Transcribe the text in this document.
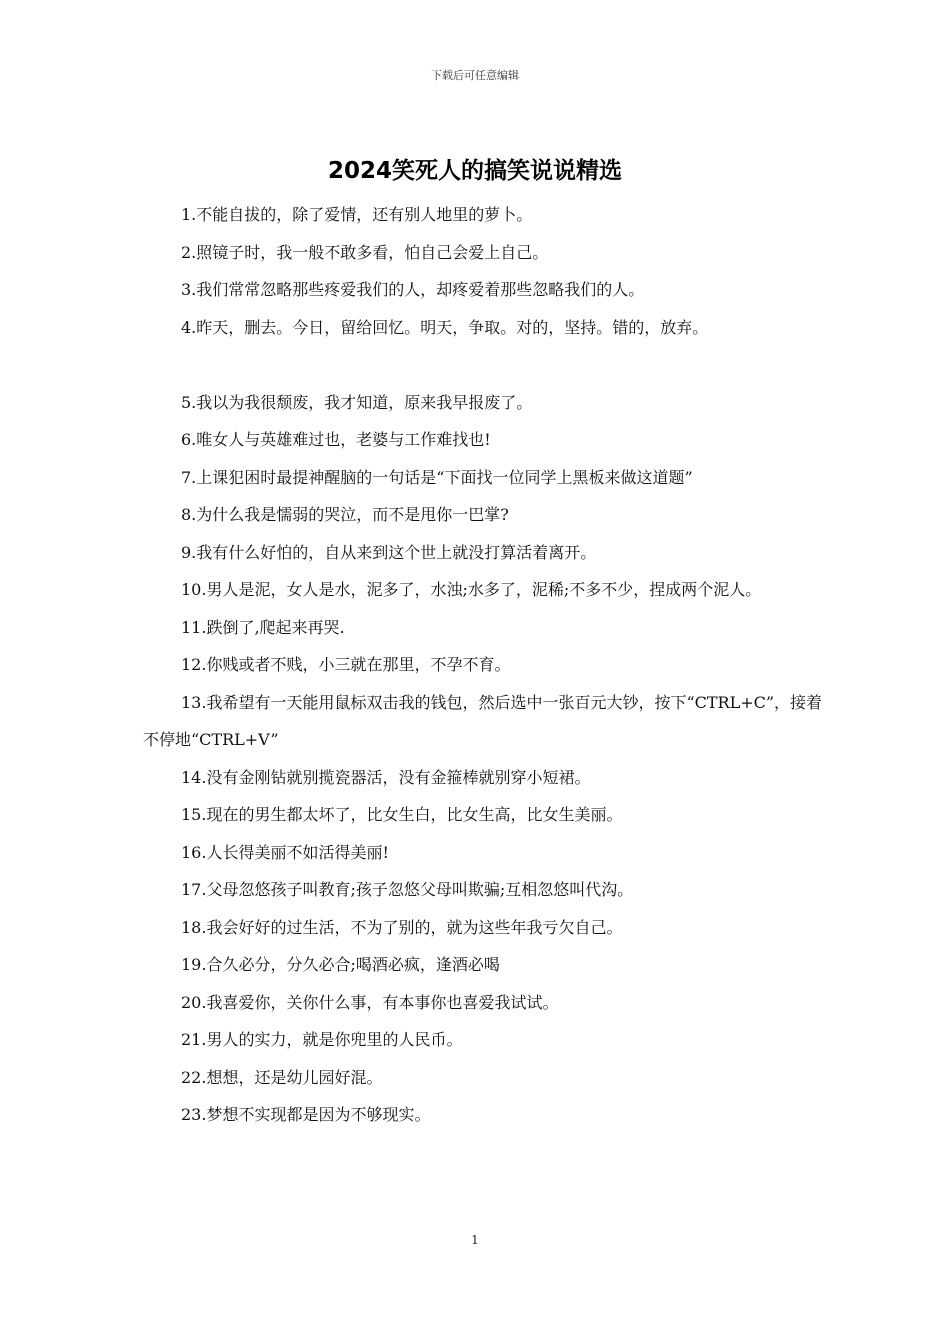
下载后可任意编辑
2024笑死人的搞笑说说精选

1.不能自拔的，除了爱情，还有别人地里的萝卜。

2.照镜子时，我一般不敢多看，怕自己会爱上自己。

3.我们常常忽略那些疼爱我们的人，却疼爱着那些忽略我们的人。

4.昨天，删去。今日，留给回忆。明天，争取。对的，坚持。错的，放弃。

5.我以为我很颓废，我才知道，原来我早报废了。

6.唯女人与英雄难过也，老婆与工作难找也!

7.上课犯困时最提神醒脑的一句话是“下面找一位同学上黑板来做这道题”

8.为什么我是懦弱的哭泣，而不是甩你一巴掌?

9.我有什么好怕的，自从来到这个世上就没打算活着离开。

10.男人是泥，女人是水，泥多了，水浊;水多了，泥稀;不多不少，捏成两个泥人。

11.跌倒了,爬起来再哭.

12.你贱或者不贱，小三就在那里，不孕不育。

13.我希望有一天能用鼠标双击我的钱包，然后选中一张百元大钞，按下“CTRL+C”，接着不停地“CTRL+V”

14.没有金刚钻就别揽瓷器活，没有金箍棒就别穿小短裙。

15.现在的男生都太坏了，比女生白，比女生高，比女生美丽。

16.人长得美丽不如活得美丽!

17.父母忽悠孩子叫教育;孩子忽悠父母叫欺骗;互相忽悠叫代沟。

18.我会好好的过生活，不为了别的，就为这些年我亏欠自己。

19.合久必分，分久必合;喝酒必疯，逢酒必喝

20.我喜爱你，关你什么事，有本事你也喜爱我试试。

21.男人的实力，就是你兜里的人民币。

22.想想，还是幼儿园好混。

23.梦想不实现都是因为不够现实。

1
